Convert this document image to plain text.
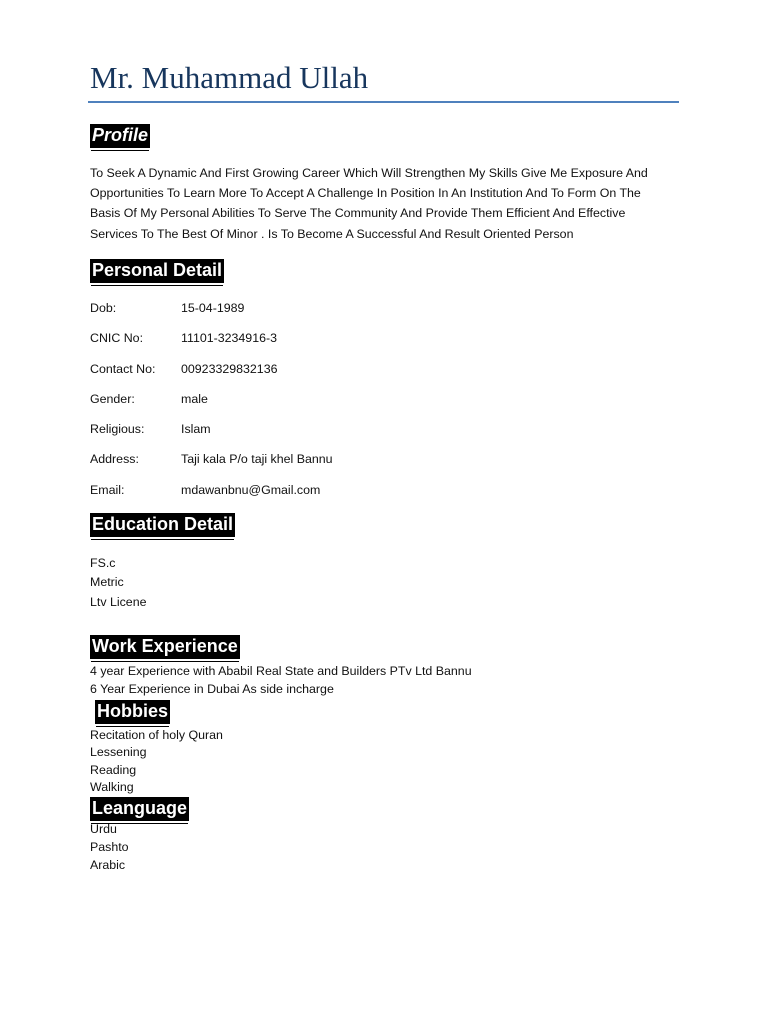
Mr. Muhammad Ullah
Profile
To Seek A Dynamic And First Growing Career Which Will Strengthen My Skills Give Me Exposure And Opportunities To Learn More To Accept A Challenge In Position In An Institution And To Form On The Basis Of My Personal Abilities To Serve The Community And Provide Them Efficient And Effective Services To The Best Of Minor . Is To Become A Successful And Result Oriented Person
Personal Detail
Dob:	15-04-1989
CNIC No:	11101-3234916-3
Contact No: 00923329832136
Gender:	male
Religious:	Islam
Address:	Taji kala P/o taji khel Bannu
Email:	mdawanbnu@Gmail.com
Education Detail
FS.c
Metric
Ltv Licene
Work Experience
4 year Experience with Ababil Real State and Builders PTv Ltd Bannu
6 Year Experience in Dubai As side incharge
Hobbies
Recitation of holy Quran
Lessening
Reading
Walking
Leanguage
Urdu
Pashto
Arabic
